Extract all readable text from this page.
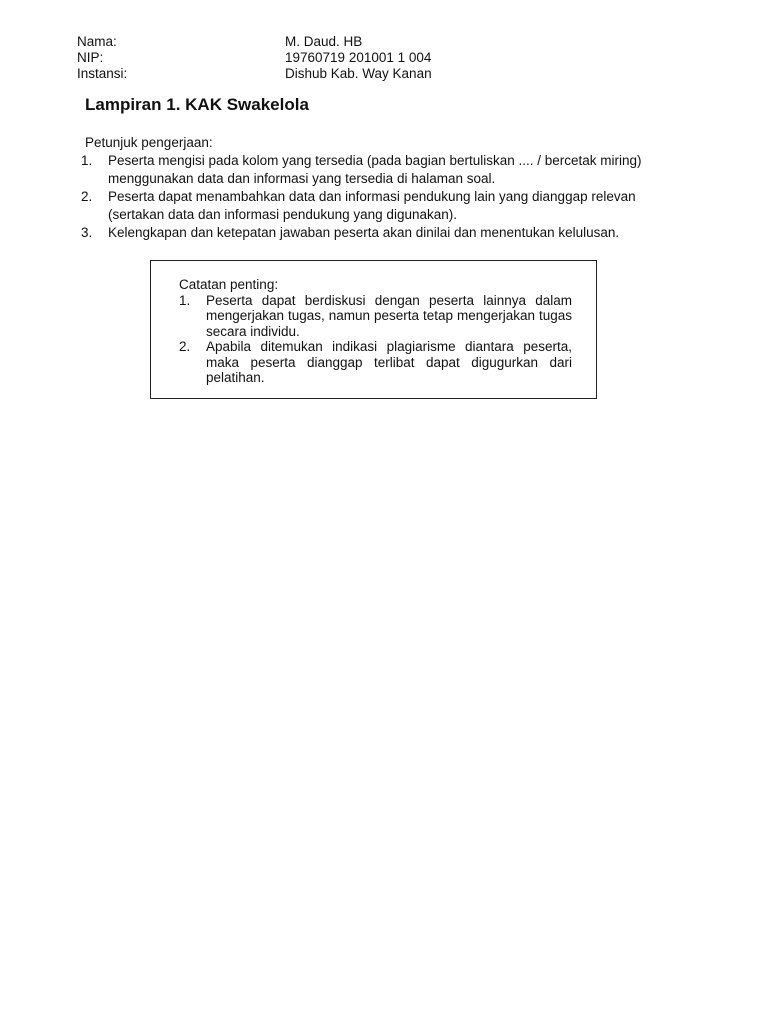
Nama:	M. Daud. HB
NIP:	19760719 201001 1 004
Instansi:	Dishub Kab. Way Kanan
Lampiran 1. KAK Swakelola

Petunjuk pengerjaan:

1.	Peserta mengisi pada kolom yang tersedia (pada bagian bertuliskan .... / bercetak miring) menggunakan data dan informasi yang tersedia di halaman soal.
2.	Peserta dapat menambahkan data dan informasi pendukung lain yang dianggap relevan (sertakan data dan informasi pendukung yang digunakan).
3.	Kelengkapan dan ketepatan jawaban peserta akan dinilai dan menentukan kelulusan.

Catatan penting:

1.	Peserta dapat berdiskusi dengan peserta lainnya dalam mengerjakan tugas, namun peserta tetap mengerjakan tugas secara individu.
2.	Apabila ditemukan indikasi plagiarisme diantara peserta, maka peserta dianggap terlibat dapat digugurkan dari pelatihan.
